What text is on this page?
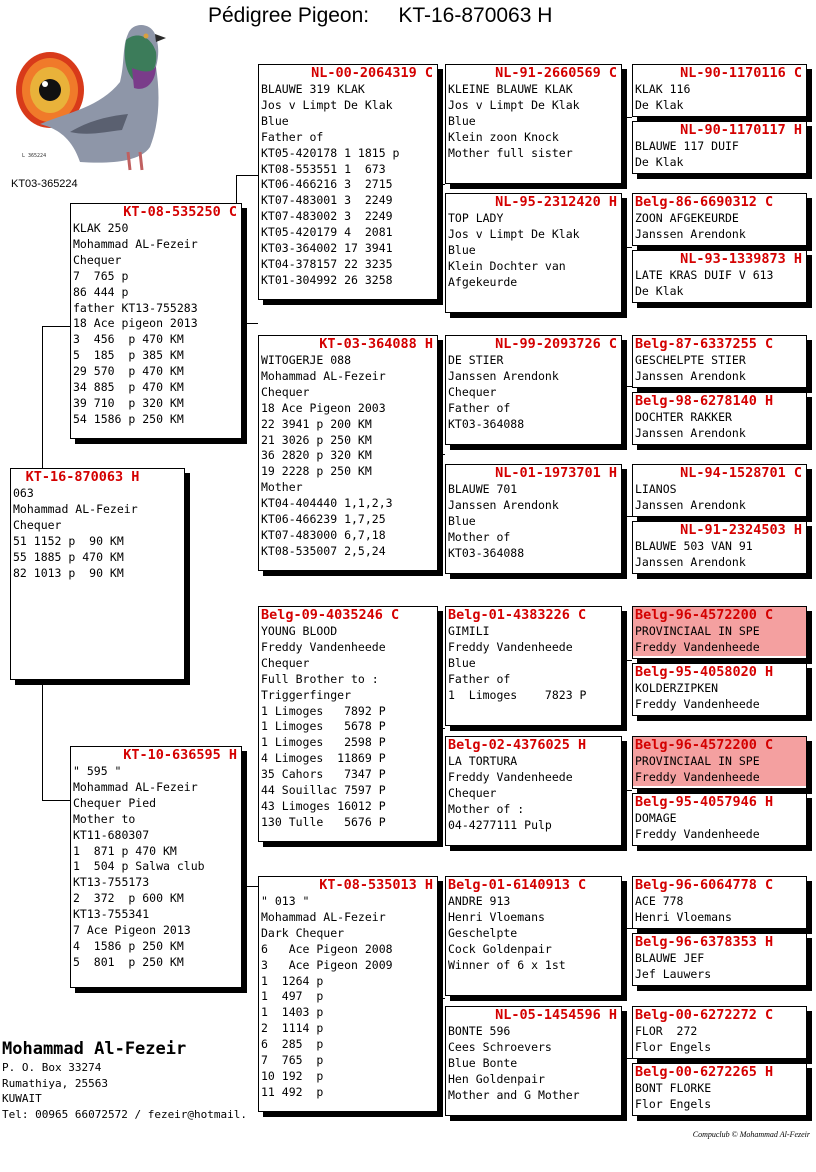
Pédigree Pigeon: KT-16-870063 H
L 365224
KT03-365224
KT-16-870063 H
063
Mohammad AL-Fezeir
Chequer
51 1152 p  90 KM
55 1885 p 470 KM
82 1013 p  90 KM
KT-08-535250 C
KLAK 250
Mohammad AL-Fezeir
Chequer
7  765 p
86 444 p
father KT13-755283
18 Ace pigeon 2013
3  456  p 470 KM
5  185  p 385 KM
29 570  p 470 KM
34 885  p 470 KM
39 710  p 320 KM
54 1586 p 250 KM
KT-10-636595 H
" 595 "
Mohammad AL-Fezeir
Chequer Pied
Mother to
KT11-680307
1  871 p 470 KM
1  504 p Salwa club
KT13-755173
2  372  p 600 KM
KT13-755341
7 Ace Pigeon 2013
4  1586 p 250 KM
5  801  p 250 KM
NL-00-2064319 C
BLAUWE 319 KLAK
Jos v Limpt De Klak
Blue
Father of
KT05-420178 1 1815 p
KT08-553551 1  673
KT06-466216 3  2715
KT07-483001 3  2249
KT07-483002 3  2249
KT05-420179 4  2081
KT03-364002 17 3941
KT04-378157 22 3235
KT01-304992 26 3258
KT-03-364088 H
WITOGERJE 088
Mohammad AL-Fezeir
Chequer
18 Ace Pigeon 2003
22 3941 p 200 KM
21 3026 p 250 KM
36 2820 p 320 KM
19 2228 p 250 KM
Mother
KT04-404440 1,1,2,3
KT06-466239 1,7,25
KT07-483000 6,7,18
KT08-535007 2,5,24
Belg-09-4035246 C
YOUNG BLOOD
Freddy Vandenheede
Chequer
Full Brother to :
Triggerfinger
1 Limoges   7892 P
1 Limoges   5678 P
1 Limoges   2598 P
4 Limoges  11869 P
35 Cahors   7347 P
44 Souillac 7597 P
43 Limoges 16012 P
130 Tulle   5676 P
KT-08-535013 H
" 013 "
Mohammad AL-Fezeir
Dark Chequer
6   Ace Pigeon 2008
3   Ace Pigeon 2009
1  1264 p
1  497  p
1  1403 p
2  1114 p
6  285  p
7  765  p
10 192  p
11 492  p
NL-91-2660569 C
KLEINE BLAUWE KLAK
Jos v Limpt De Klak
Blue
Klein zoon Knock
Mother full sister
NL-95-2312420 H
TOP LADY
Jos v Limpt De Klak
Blue
Klein Dochter van
Afgekeurde
NL-99-2093726 C
DE STIER
Janssen Arendonk
Chequer
Father of
KT03-364088
NL-01-1973701 H
BLAUWE 701
Janssen Arendonk
Blue
Mother of
KT03-364088
Belg-01-4383226 C
GIMILI
Freddy Vandenheede
Blue
Father of
1  Limoges    7823 P
Belg-02-4376025 H
LA TORTURA
Freddy Vandenheede
Chequer
Mother of :
04-4277111 Pulp
Belg-01-6140913 C
ANDRE 913
Henri Vloemans
Geschelpte
Cock Goldenpair
Winner of 6 x 1st
NL-05-1454596 H
BONTE 596
Cees Schroevers
Blue Bonte
Hen Goldenpair
Mother and G Mother
NL-90-1170116 C
KLAK 116
De Klak
NL-90-1170117 H
BLAUWE 117 DUIF
De Klak
Belg-86-6690312 C
ZOON AFGEKEURDE
Janssen Arendonk
NL-93-1339873 H
LATE KRAS DUIF V 613
De Klak
Belg-87-6337255 C
GESCHELPTE STIER
Janssen Arendonk
Belg-98-6278140 H
DOCHTER RAKKER
Janssen Arendonk
NL-94-1528701 C
LIANOS
Janssen Arendonk
NL-91-2324503 H
BLAUWE 503 VAN 91
Janssen Arendonk
Belg-96-4572200 C
PROVINCIAAL IN SPE
Freddy Vandenheede
Belg-95-4058020 H
KOLDERZIPKEN
Freddy Vandenheede
Belg-96-4572200 C
PROVINCIAAL IN SPE
Freddy Vandenheede
Belg-95-4057946 H
DOMAGE
Freddy Vandenheede
Belg-96-6064778 C
ACE 778
Henri Vloemans
Belg-96-6378353 H
BLAUWE JEF
Jef Lauwers
Belg-00-6272272 C
FLOR  272
Flor Engels
Belg-00-6272265 H
BONT FLORKE
Flor Engels
Mohammad Al-Fezeir
P. O. Box 33274
Rumathiya, 25563
KUWAIT
Tel: 00965 66072572 / fezeir@hotmail.
Compuclub © Mohammad Al-Fezeir
